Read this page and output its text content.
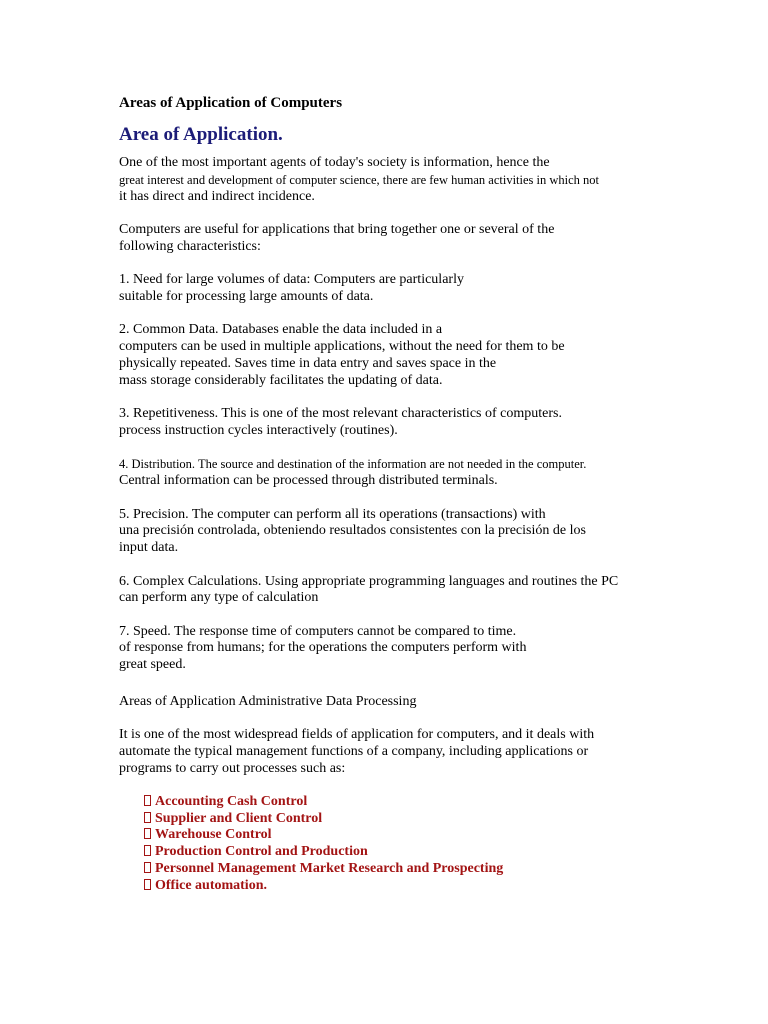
Areas of Application of Computers
Area of Application.

One of the most important agents of today's society is information, hence the
great interest and development of computer science, there are few human activities in which not
it has direct and indirect incidence.

Computers are useful for applications that bring together one or several of the
following characteristics:

1. Need for large volumes of data: Computers are particularly
suitable for processing large amounts of data.

2. Common Data. Databases enable the data included in a
computers can be used in multiple applications, without the need for them to be
physically repeated. Saves time in data entry and saves space in the
mass storage considerably facilitates the updating of data.

3. Repetitiveness. This is one of the most relevant characteristics of computers.
process instruction cycles interactively (routines).

4. Distribution. The source and destination of the information are not needed in the computer.
Central information can be processed through distributed terminals.

5. Precision. The computer can perform all its operations (transactions) with
una precisión controlada, obteniendo resultados consistentes con la precisión de los
input data.

6. Complex Calculations. Using appropriate programming languages and routines the PC
can perform any type of calculation

7. Speed. The response time of computers cannot be compared to time.
of response from humans; for the operations the computers perform with
great speed.

Areas of Application Administrative Data Processing

It is one of the most widespread fields of application for computers, and it deals with
automate the typical management functions of a company, including applications or
programs to carry out processes such as:

Accounting Cash Control
Supplier and Client Control
Warehouse Control
Production Control and Production
Personnel Management Market Research and Prospecting
Office automation.
